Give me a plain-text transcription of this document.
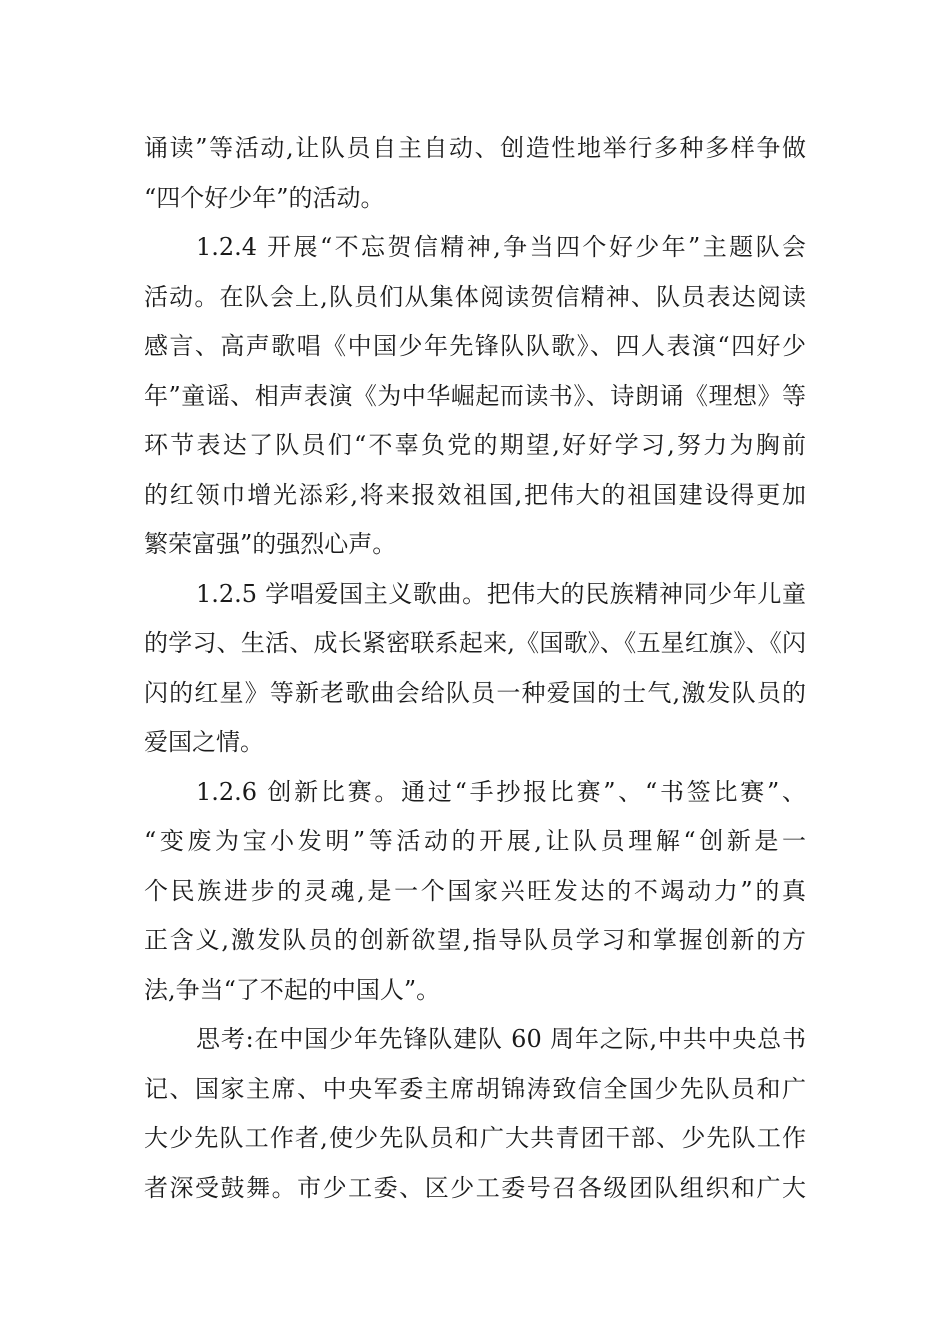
诵读”等活动,让队员自主自动、创造性地举行多种多样争做
“四个好少年”的活动。
1.2.4 开展“不忘贺信精神,争当四个好少年”主题队会
活动。在队会上,队员们从集体阅读贺信精神、队员表达阅读
感言、高声歌唱《中国少年先锋队队歌》、四人表演“四好少
年”童谣、相声表演《为中华崛起而读书》、诗朗诵《理想》等
环节表达了队员们“不辜负党的期望,好好学习,努力为胸前
的红领巾增光添彩,将来报效祖国,把伟大的祖国建设得更加
繁荣富强”的强烈心声。
1.2.5 学唱爱国主义歌曲。把伟大的民族精神同少年儿童
的学习、生活、成长紧密联系起来,《国歌》、《五星红旗》、《闪
闪的红星》等新老歌曲会给队员一种爱国的士气,激发队员的
爱国之情。
1.2.6 创新比赛。通过“手抄报比赛”、“书签比赛”、
“变废为宝小发明”等活动的开展,让队员理解“创新是一
个民族进步的灵魂,是一个国家兴旺发达的不竭动力”的真
正含义,激发队员的创新欲望,指导队员学习和掌握创新的方
法,争当“了不起的中国人”。
思考:在中国少年先锋队建队 60 周年之际,中共中央总书
记、国家主席、中央军委主席胡锦涛致信全国少先队员和广
大少先队工作者,使少先队员和广大共青团干部、少先队工作
者深受鼓舞。市少工委、区少工委号召各级团队组织和广大
